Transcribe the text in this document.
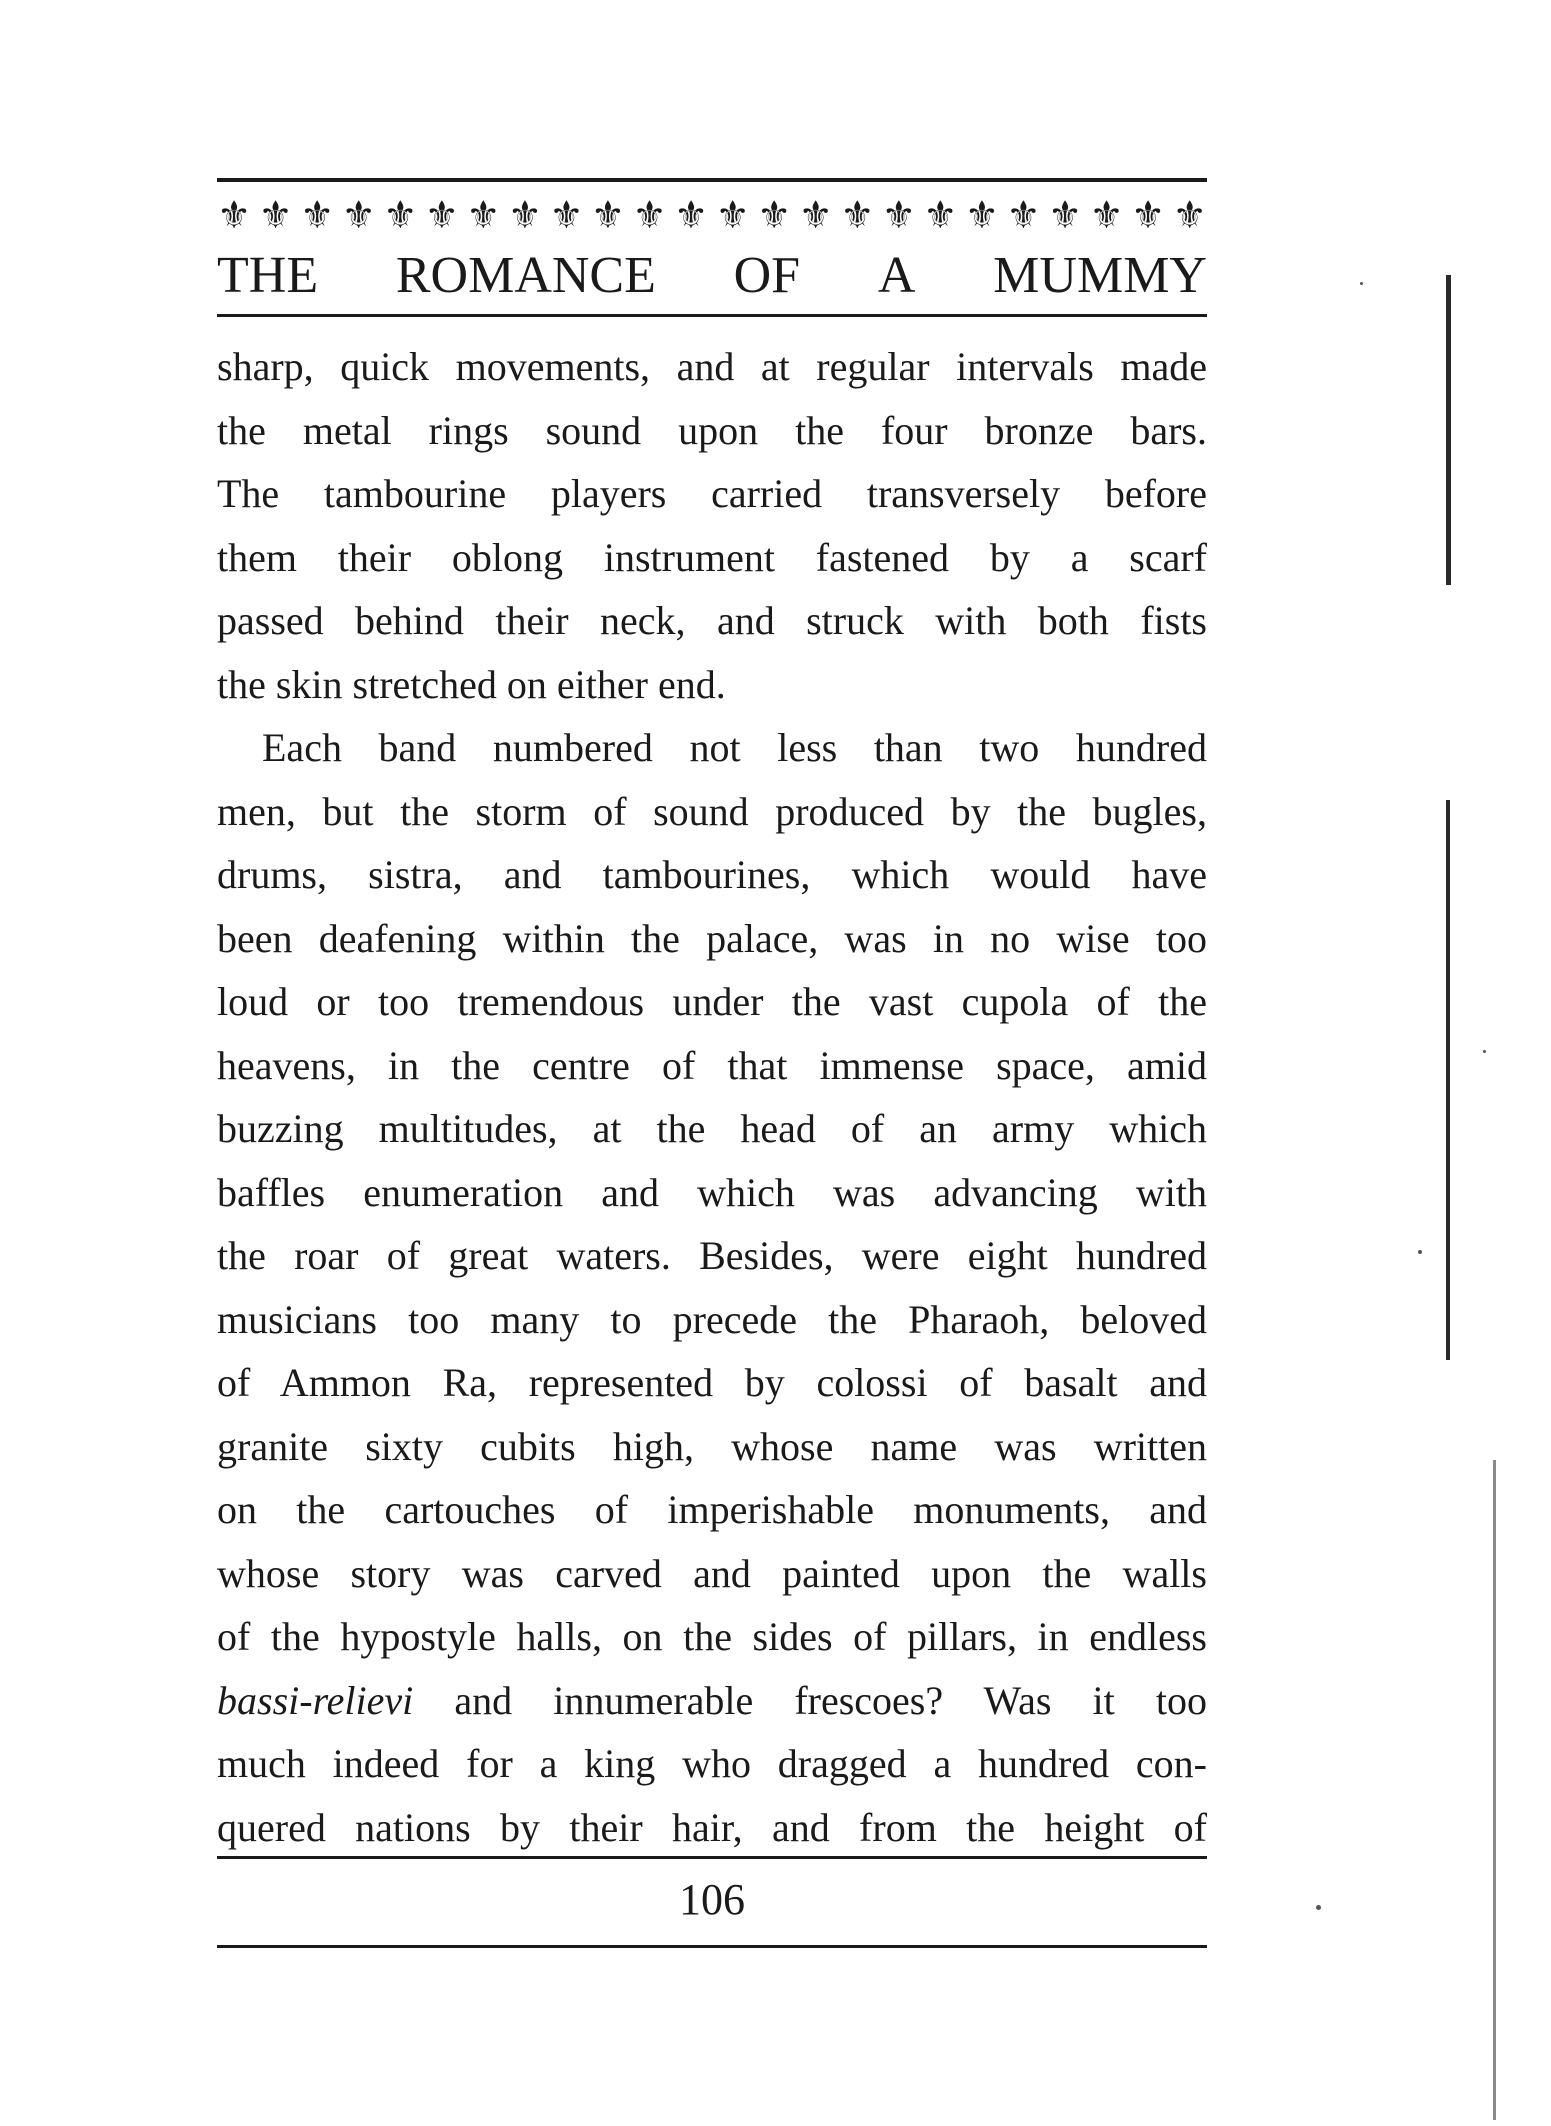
⚜ ⚜ ⚜ ⚜ ⚜ ⚜ ⚜ ⚜ ⚜ ⚜ ⚜ ⚜ ⚜ ⚜ ⚜ ⚜ ⚜ ⚜ ⚜ ⚜ ⚜ ⚜ ⚜ ⚜
THE ROMANCE OF A MUMMY
sharp, quick movements, and at regular intervals made
the metal rings sound upon the four bronze bars.
The tambourine players carried transversely before
them their oblong instrument fastened by a scarf
passed behind their neck, and struck with both fists
the skin stretched on either end.
Each band numbered not less than two hundred
men, but the storm of sound produced by the bugles,
drums, sistra, and tambourines, which would have
been deafening within the palace, was in no wise too
loud or too tremendous under the vast cupola of the
heavens, in the centre of that immense space, amid
buzzing multitudes, at the head of an army which
baffles enumeration and which was advancing with
the roar of great waters. Besides, were eight hundred
musicians too many to precede the Pharaoh, beloved
of Ammon Ra, represented by colossi of basalt and
granite sixty cubits high, whose name was written
on the cartouches of imperishable monuments, and
whose story was carved and painted upon the walls
of the hypostyle halls, on the sides of pillars, in endless
bassi-relievi and innumerable frescoes? Was it too
much indeed for a king who dragged a hundred con-
quered nations by their hair, and from the height of
106
